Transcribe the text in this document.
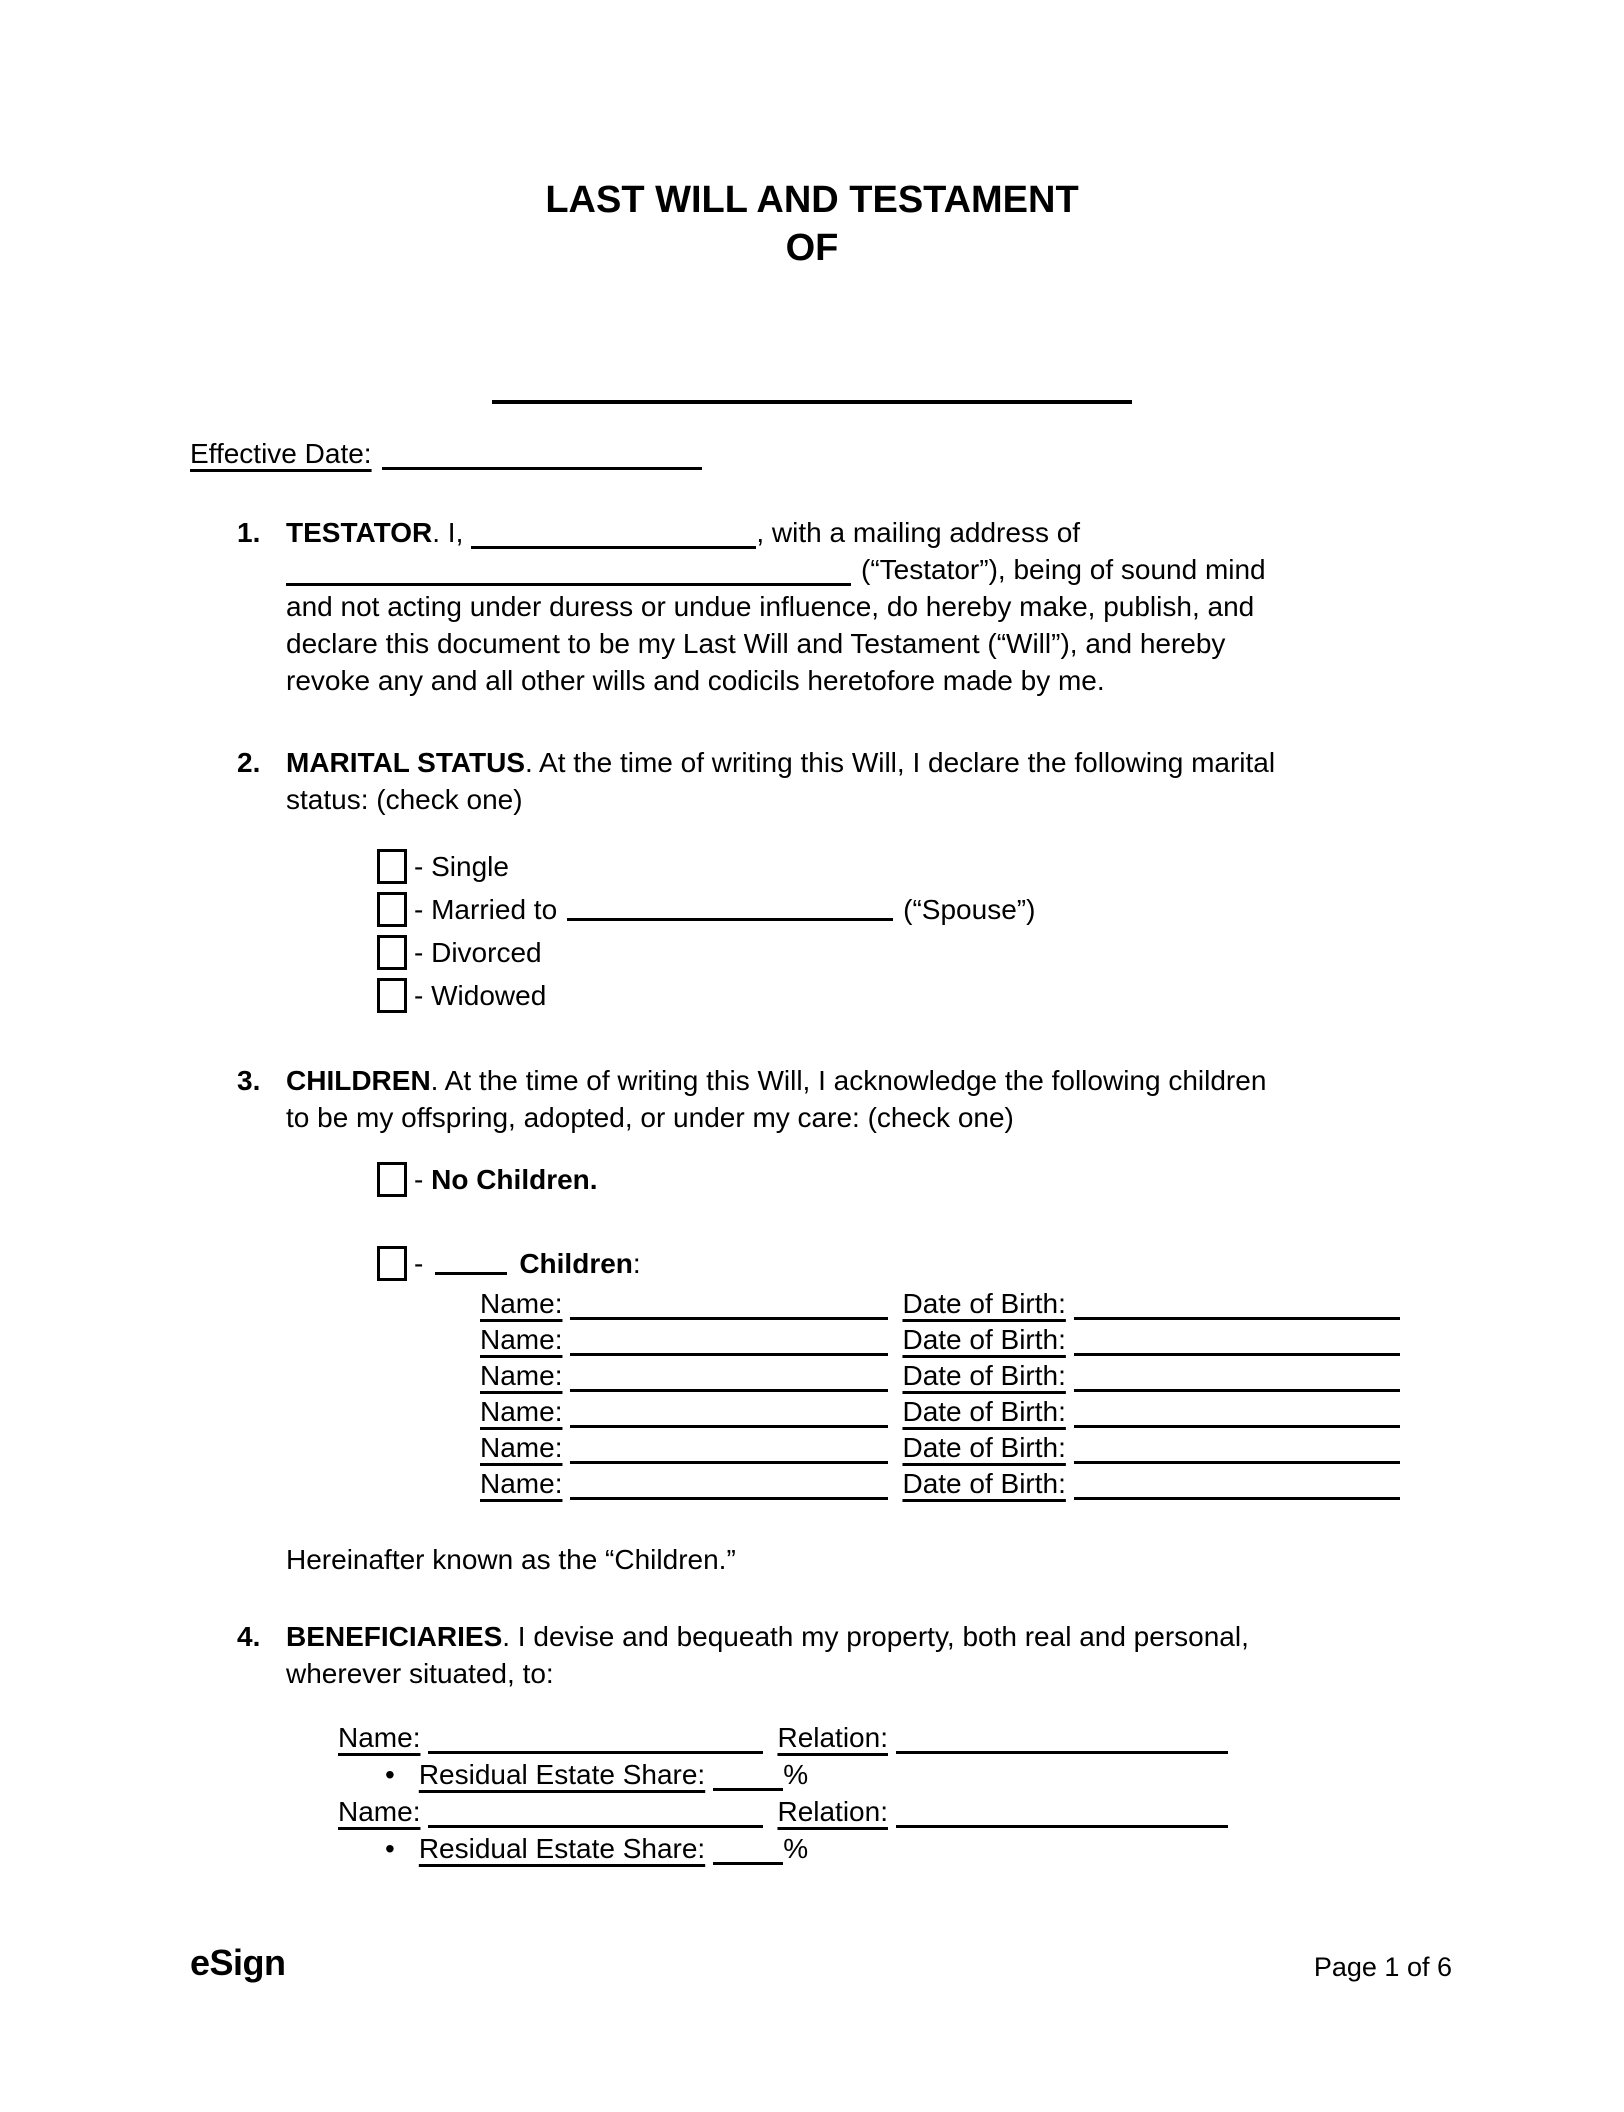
LAST WILL AND TESTAMENT
OF
Effective Date:
1. TESTATOR. I,	, with a mailing address of
(“Testator”), being of sound mind
and not acting under duress or undue influence, do hereby make, publish, and
declare this document to be my Last Will and Testament (“Will”), and hereby
revoke any and all other wills and codicils heretofore made by me.
2. MARITAL STATUS. At the time of writing this Will, I declare the following marital
status: (check one)
- Single
- Married to	(“Spouse”)
- Divorced
- Widowed
3. CHILDREN. At the time of writing this Will, I acknowledge the following children
to be my offspring, adopted, or under my care: (check one)
-
No Children.
-	Children :
Name:	Date of Birth:
Name:	Date of Birth:
Name:	Date of Birth:
Name:	Date of Birth:
Name:	Date of Birth:
Name:	Date of Birth:
Hereinafter known as the “Children.”
4. BENEFICIARIES. I devise and bequeath my property, both real and personal,
wherever situated, to:
Name:	Relation:
• Residual Estate Share:	%
Name:	Relation:
• Residual Estate Share:	%
eSign	Page 1 of 6
